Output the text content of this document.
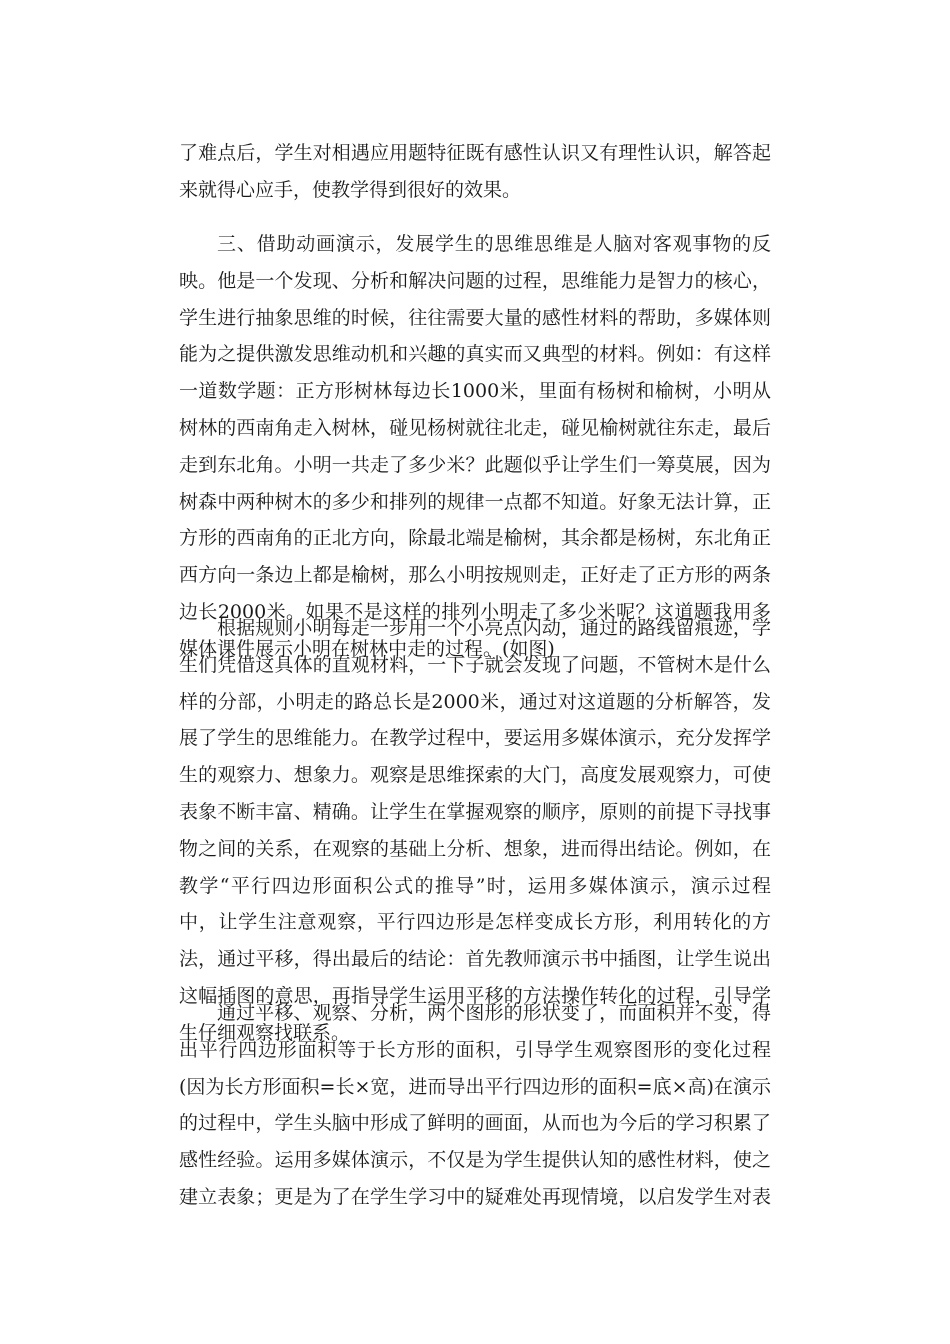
了难点后，学生对相遇应用题特征既有感性认识又有理性认识，解答起
来就得心应手，使教学得到很好的效果。
三、借助动画演示，发展学生的思维思维是人脑对客观事物的反
映。他是一个发现、分析和解决问题的过程，思维能力是智力的核心，
学生进行抽象思维的时候，往往需要大量的感性材料的帮助，多媒体则
能为之提供激发思维动机和兴趣的真实而又典型的材料。例如：有这样
一道数学题：正方形树林每边长1000米，里面有杨树和榆树，小明从
树林的西南角走入树林，碰见杨树就往北走，碰见榆树就往东走，最后
走到东北角。小明一共走了多少米？此题似乎让学生们一筹莫展，因为
树森中两种树木的多少和排列的规律一点都不知道。好象无法计算，正
方形的西南角的正北方向，除最北端是榆树，其余都是杨树，东北角正
西方向一条边上都是榆树，那么小明按规则走，正好走了正方形的两条
边长2000米。如果不是这样的排列小明走了多少米呢？这道题我用多
媒体课件展示小明在树林中走的过程。(如图)
根据规则小明每走一步用一个小亮点闪动，通过的路线留痕迹，学
生们凭借这具体的直观材料，一下子就会发现了问题，不管树木是什么
样的分部，小明走的路总长是2000米，通过对这道题的分析解答，发
展了学生的思维能力。在教学过程中，要运用多媒体演示，充分发挥学
生的观察力、想象力。观察是思维探索的大门，高度发展观察力，可使
表象不断丰富、精确。让学生在掌握观察的顺序，原则的前提下寻找事
物之间的关系，在观察的基础上分析、想象，进而得出结论。例如，在
教学“平行四边形面积公式的推导”时，运用多媒体演示，演示过程
中，让学生注意观察，平行四边形是怎样变成长方形，利用转化的方
法，通过平移，得出最后的结论：首先教师演示书中插图，让学生说出
这幅插图的意思，再指导学生运用平移的方法操作转化的过程，引导学
生仔细观察找联系。
通过平移、观察、分析，两个图形的形状变了，而面积并不变，得
出平行四边形面积等于长方形的面积，引导学生观察图形的变化过程
(因为长方形面积=长×宽，进而导出平行四边形的面积=底×高)在演示
的过程中，学生头脑中形成了鲜明的画面，从而也为今后的学习积累了
感性经验。运用多媒体演示，不仅是为学生提供认知的感性材料，使之
建立表象；更是为了在学生学习中的疑难处再现情境，以启发学生对表
